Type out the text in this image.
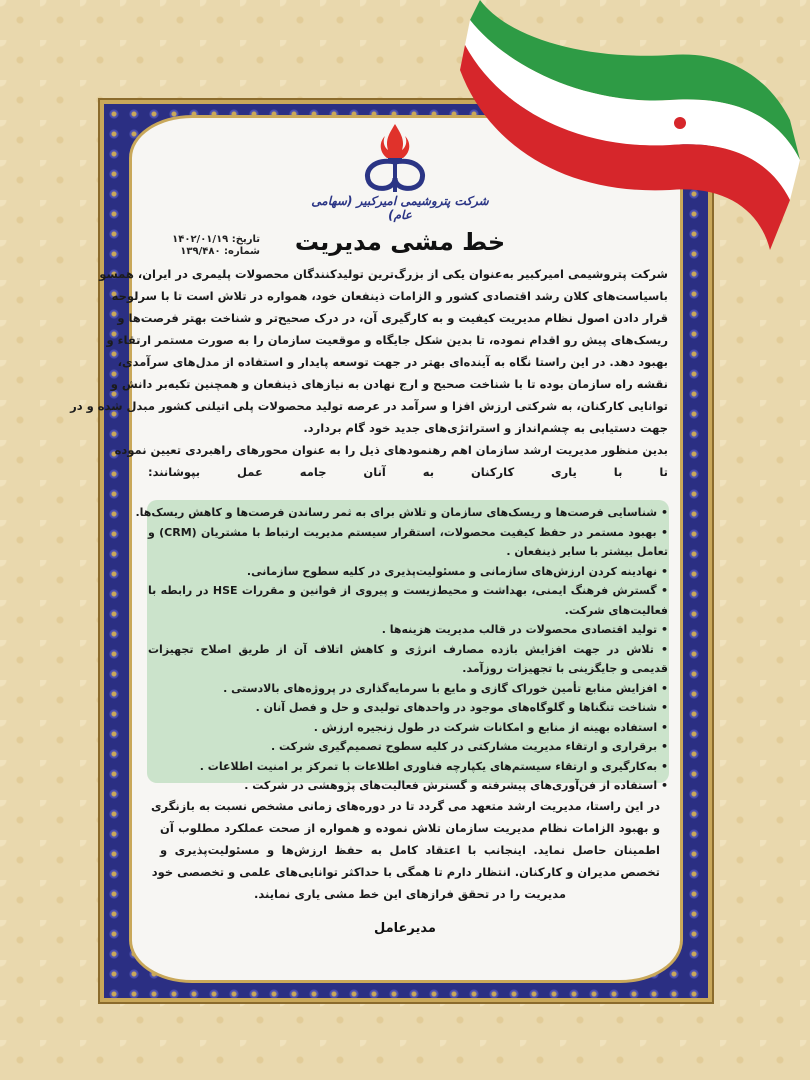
شرکت پتروشیمی امیرکبیر (سهامی عام)
خط مشی مدیریت
تاریخ: ۱۴۰۲/۰۱/۱۹
شماره: ۱۳۹/۴۸۰
شرکت پتروشیمی امیرکبیر به‌عنوان یکی از بزرگ‌ترین تولیدکنندگان محصولات پلیمری در ایران، همسو
باسیاست‌های کلان رشد اقتصادی کشور و الزامات ذینفعان خود، همواره در تلاش است تا با سرلوحه
قرار دادن اصول نظام مدیریت کیفیت و به کارگیری آن، در درک صحیح‌تر و شناخت بهتر فرصت‌ها و
ریسک‌های پیش رو اقدام نموده، تا بدین شکل جایگاه و موقعیت سازمان را به صورت مستمر ارتقاء و
بهبود دهد. در این راستا نگاه به آینده‌ای بهتر در جهت توسعه پایدار و استفاده از مدل‌های سرآمدی،
نقشه راه سازمان بوده تا با شناخت صحیح و ارج نهادن به نیازهای ذینفعان و همچنین تکیه‌بر دانش و
توانایی کارکنان، به شرکتی ارزش افزا و سرآمد در عرصه تولید محصولات پلی اتیلنی کشور مبدل شده و در
جهت دستیابی به چشم‌انداز و استراتژی‌های جدید خود گام بردارد.
بدین منظور مدیریت ارشد سازمان اهم رهنمودهای ذیل را به عنوان محورهای راهبردی تعیین نموده
تا با یاری کارکنان به آنان جامه عمل بپوشانند:
• شناسایی فرصت‌ها و ریسک‌های سازمان و تلاش برای به ثمر رساندن فرصت‌ها و کاهش ریسک‌ها.
• بهبود مستمر در حفظ کیفیت محصولات، استقرار سیستم مدیریت ارتباط با مشتریان (CRM) و
تعامل بیشتر با سایر ذینفعان .
• نهادینه کردن ارزش‌های سازمانی و مسئولیت‌پذیری در کلیه سطوح سازمانی.
• گسترش فرهنگ ایمنی، بهداشت و محیط‌زیست و پیروی از قوانین و مقررات HSE در رابطه با
فعالیت‌های شرکت.
• تولید اقتصادی محصولات در قالب مدیریت هزینه‌ها .
• تلاش در جهت افزایش بازده مصارف انرژی و کاهش اتلاف آن از طریق اصلاح تجهیزات
قدیمی و جایگزینی با تجهیزات روزآمد.
• افزایش منابع تأمین خوراک گازی و مایع با سرمایه‌گذاری در پروژه‌های بالادستی .
• شناخت تنگناها و گلوگاه‌های موجود در واحدهای تولیدی و حل و فصل آنان .
• استفاده بهینه از منابع و امکانات شرکت در طول زنجیره ارزش .
• برقراری و ارتقاء مدیریت مشارکتی در کلیه سطوح تصمیم‌گیری شرکت .
• به‌کارگیری و ارتقاء سیستم‌های یکپارچه فناوری اطلاعات با تمرکز بر امنیت اطلاعات .
• استفاده از فن‌آوری‌های پیشرفته و گسترش فعالیت‌های پژوهشی در شرکت .
در این راستا، مدیریت ارشد متعهد می گردد تا در دوره‌های زمانی مشخص نسبت به بازنگری
و بهبود الزامات نظام مدیریت سازمان تلاش نموده و همواره از صحت عملکرد مطلوب آن
اطمینان حاصل نماید. اینجانب با اعتقاد کامل به حفظ ارزش‌ها و مسئولیت‌پذیری و
تخصص مدیران و کارکنان. انتظار دارم تا همگی با حداکثر توانایی‌های علمی و تخصصی خود
مدیریت را در تحقق فرازهای این خط مشی یاری نمایند.
مدیرعامل
